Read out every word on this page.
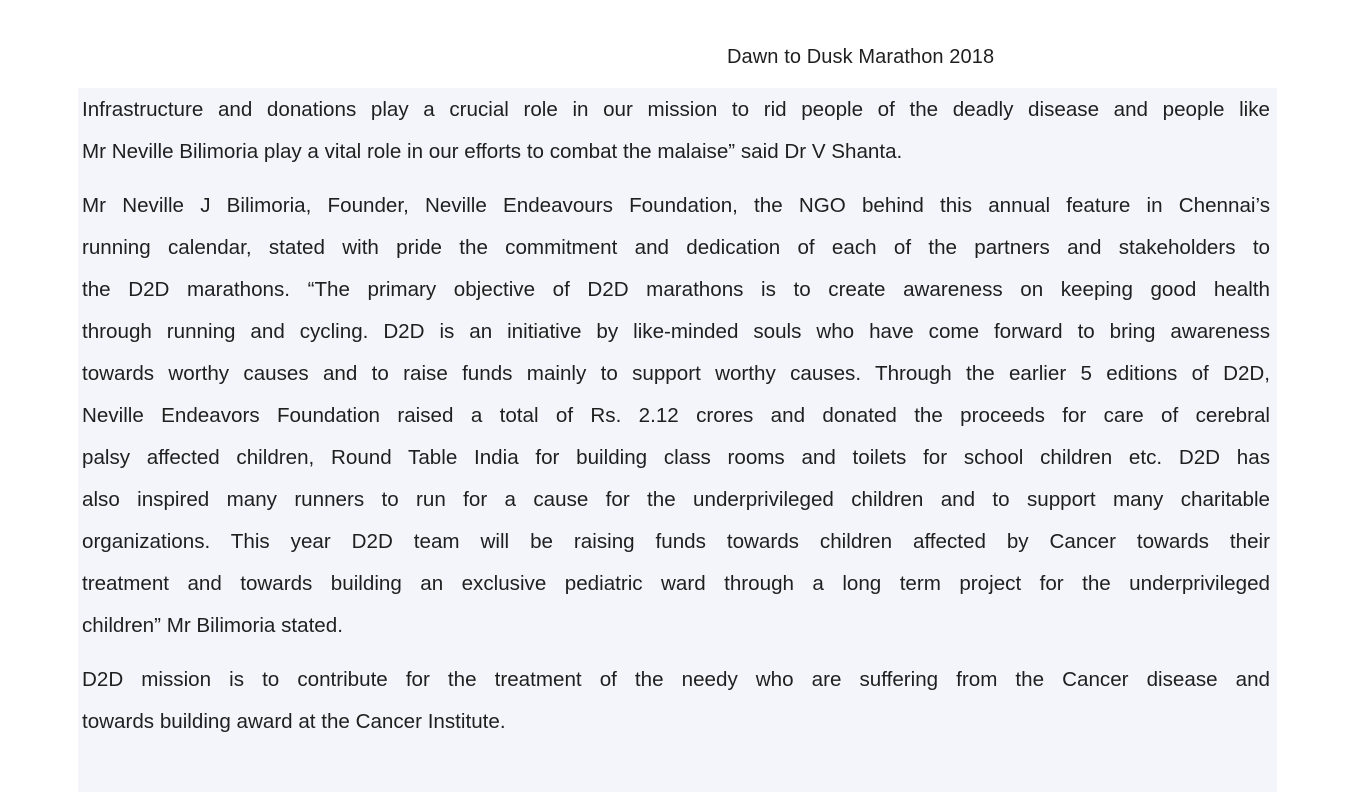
Dawn to Dusk Marathon 2018

Infrastructure and donations play a crucial role in our mission to rid people of the deadly disease and people like
Mr Neville Bilimoria play a vital role in our efforts to combat the malaise” said Dr V Shanta.

Mr Neville J Bilimoria, Founder, Neville Endeavours Foundation, the NGO behind this annual feature in Chennai’s
running calendar, stated with pride the commitment and dedication of each of the partners and stakeholders to
the D2D marathons. “The primary objective of D2D marathons is to create awareness on keeping good health
through running and cycling. D2D is an initiative by like-minded souls who have come forward to bring awareness
towards worthy causes and to raise funds mainly to support worthy causes. Through the earlier 5 editions of D2D,
Neville Endeavors Foundation raised a total of Rs. 2.12 crores and donated the proceeds for care of cerebral
palsy affected children, Round Table India for building class rooms and toilets for school children etc. D2D has
also inspired many runners to run for a cause for the underprivileged children and to support many charitable
organizations. This year D2D team will be raising funds towards children affected by Cancer towards their
treatment and towards building an exclusive pediatric ward through a long term project for the underprivileged
children” Mr Bilimoria stated.

D2D mission is to contribute for the treatment of the needy who are suffering from the Cancer disease and
towards building award at the Cancer Institute.
